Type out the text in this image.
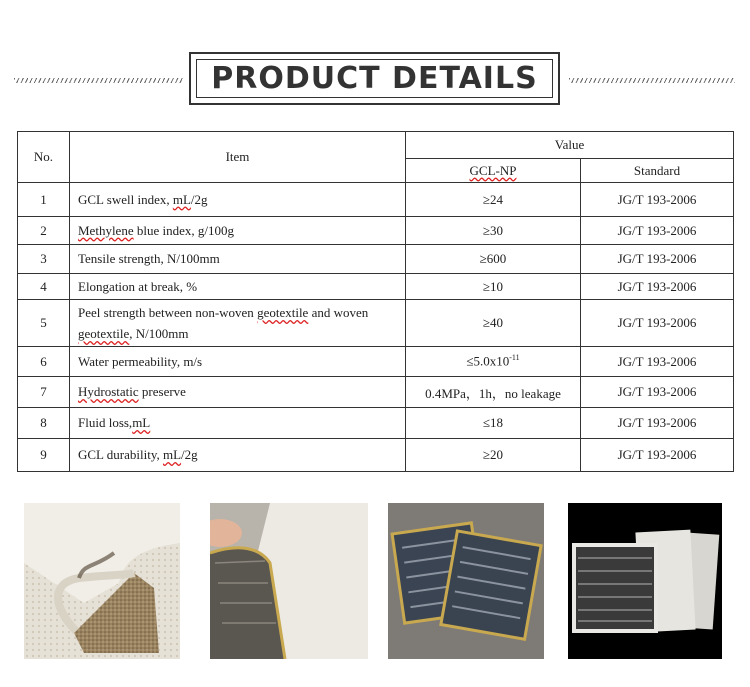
PRODUCT DETAILS
No.	Item	Value	
		GCL-NP	Standard
1	GCL swell index, mL/2g	≥24	JG/T 193-2006
2	Methylene blue index, g/100g	≥30	JG/T 193-2006
3	Tensile strength, N/100mm	≥600	JG/T 193-2006
4	Elongation at break, %	≥10	JG/T 193-2006
5	Peel strength between non-woven geotextile and woven
geotextile, N/100mm	≥40	JG/T 193-2006
6	Water permeability, m/s	$\le 5.0x10^{-11}$	JG/T 193-2006
7	Hydrostatic preserve	0.4MPa，1h，no leakage	JG/T 193-2006
8	Fluid loss,mL	≤18	JG/T 193-2006
9	GCL durability, mL/2g	≥20	JG/T 193-2006
